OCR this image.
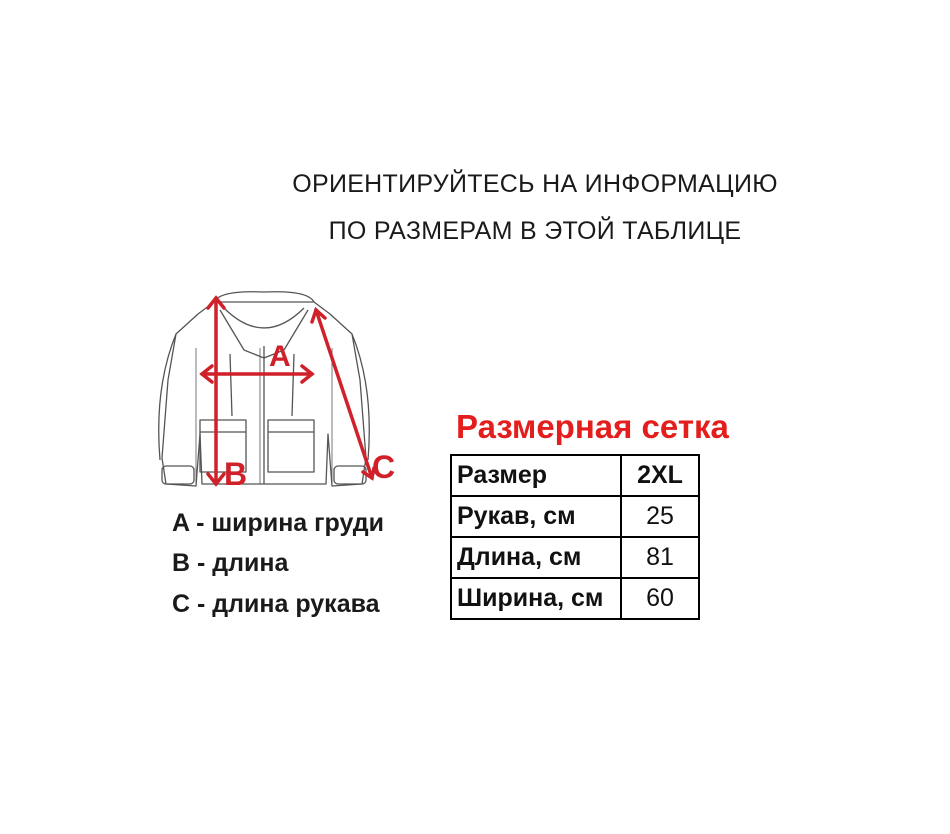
ОРИЕНТИРУЙТЕСЬ НА ИНФОРМАЦИЮ
ПО РАЗМЕРАМ В ЭТОЙ ТАБЛИЦЕ
A
B	C
A - ширина груди
B - длина
C - длина рукава
Размерная сетка
Размер	2XL
Рукав, см	25
Длина, см	81
Ширина, см	60
